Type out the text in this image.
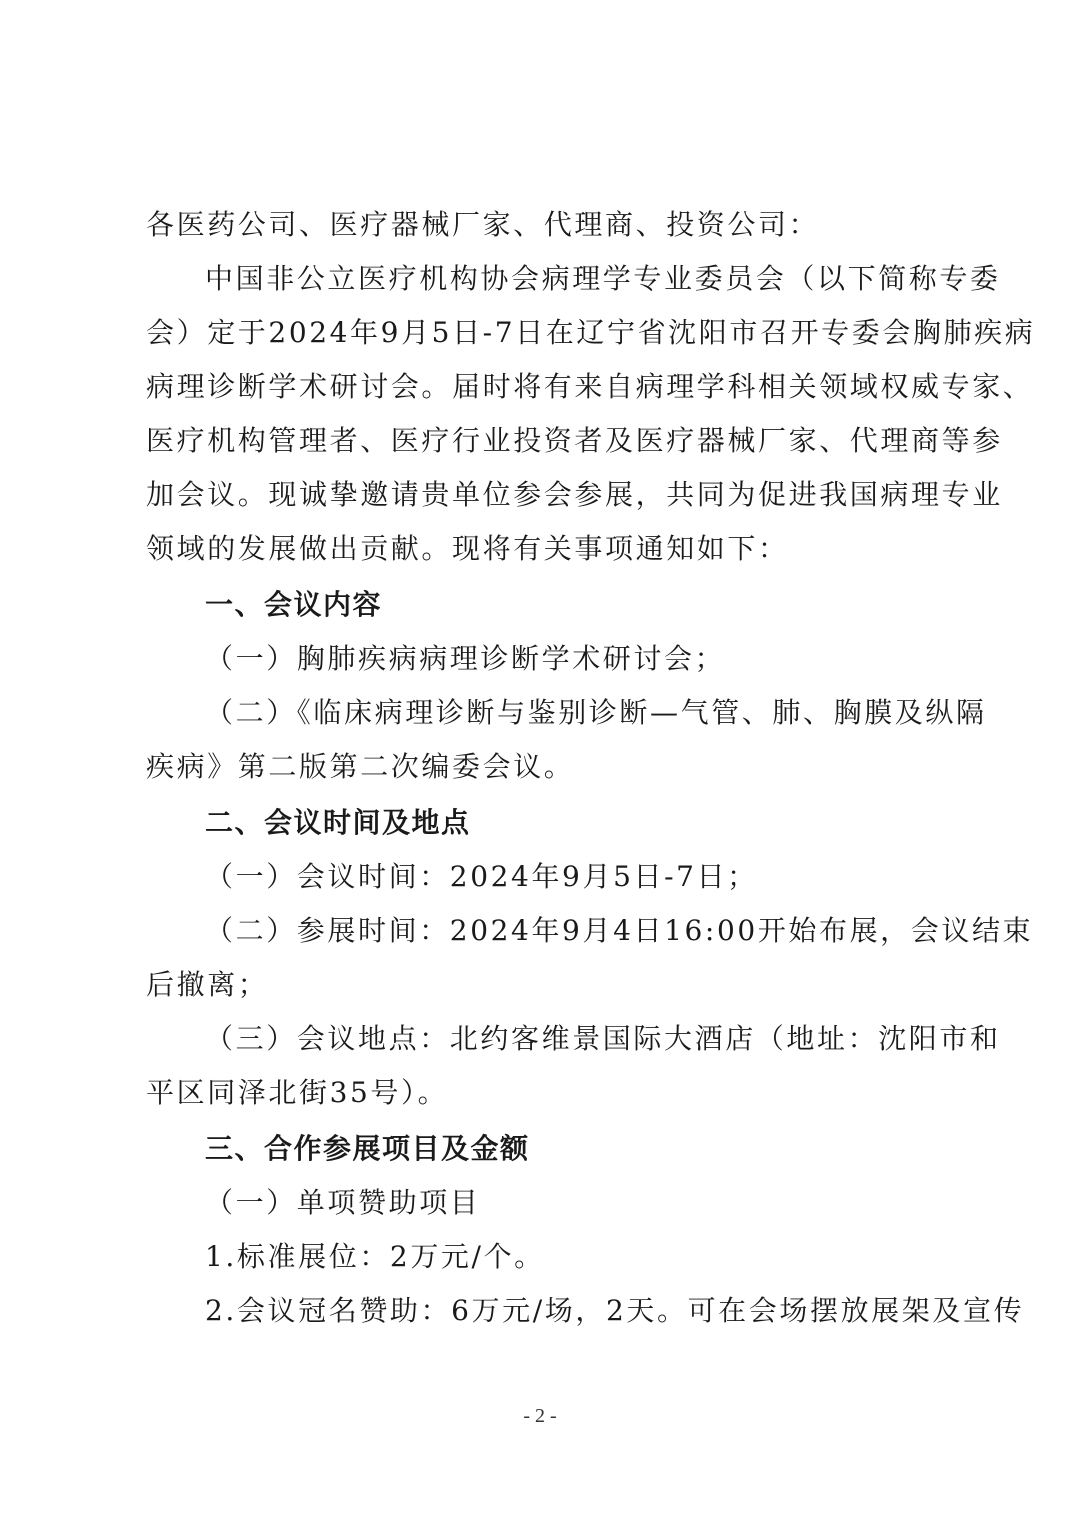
各医药公司、医疗器械厂家、代理商、投资公司：
中国非公立医疗机构协会病理学专业委员会（以下简称专委
会）定于2024年9月5日-7日在辽宁省沈阳市召开专委会胸肺疾病
病理诊断学术研讨会。届时将有来自病理学科相关领域权威专家、
医疗机构管理者、医疗行业投资者及医疗器械厂家、代理商等参
加会议。现诚挚邀请贵单位参会参展，共同为促进我国病理专业
领域的发展做出贡献。现将有关事项通知如下：
一、会议内容
（一）胸肺疾病病理诊断学术研讨会；
（二）《临床病理诊断与鉴别诊断—气管、肺、胸膜及纵隔
疾病》第二版第二次编委会议。
二、会议时间及地点
（一）会议时间：2024年9月5日-7日；
（二）参展时间：2024年9月4日16:00开始布展，会议结束
后撤离；
（三）会议地点：北约客维景国际大酒店（地址：沈阳市和
平区同泽北街35号）。
三、合作参展项目及金额
（一）单项赞助项目
1.标准展位：2万元/个。
2.会议冠名赞助：6万元/场，2天。可在会场摆放展架及宣传
- 2 -
